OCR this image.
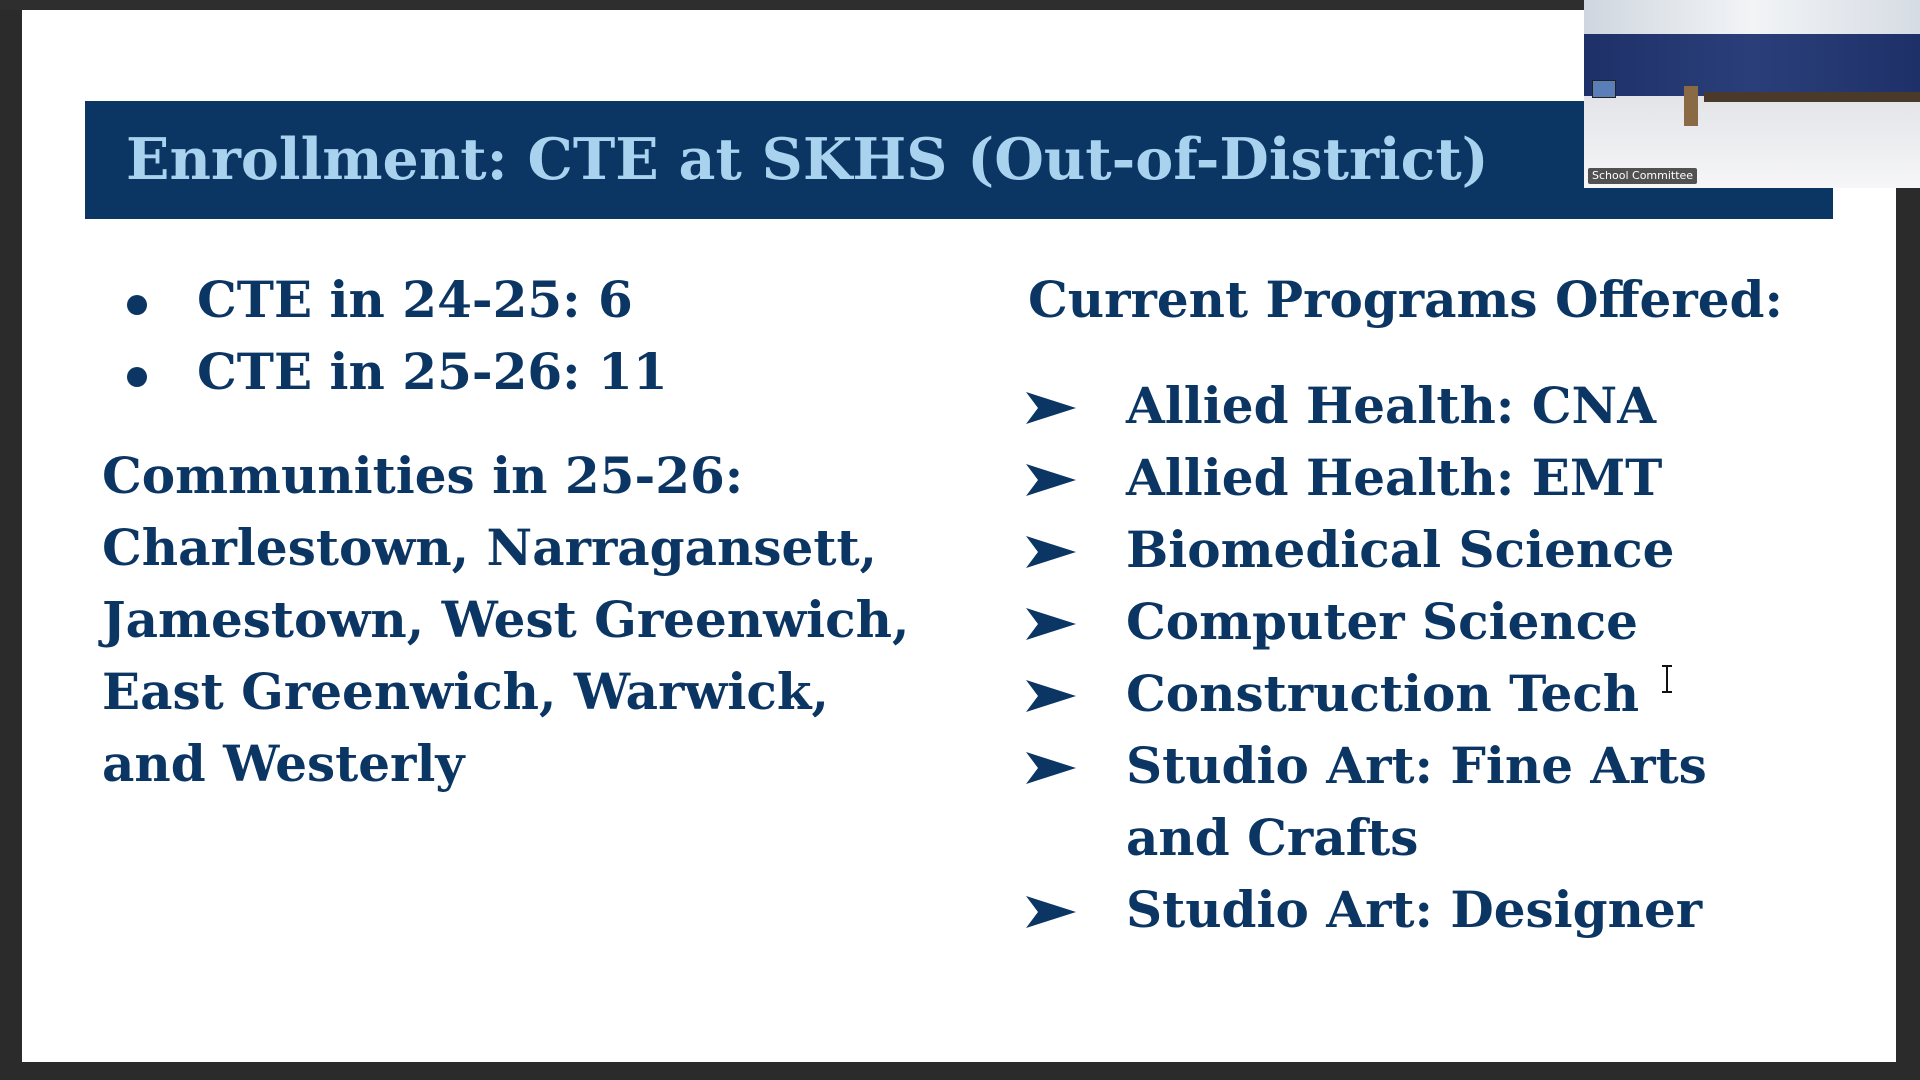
Enrollment: CTE at SKHS (Out-of-District)
CTE in 24-25: 6
CTE in 25-26: 11
Communities in 25-26: Charlestown, Narragansett, Jamestown, West Greenwich, East Greenwich, Warwick, and Westerly
Current Programs Offered:
Allied Health: CNA
Allied Health: EMT
Biomedical Science
Computer Science
Construction Tech
Studio Art: Fine Arts and Crafts
Studio Art: Designer
School Committee
